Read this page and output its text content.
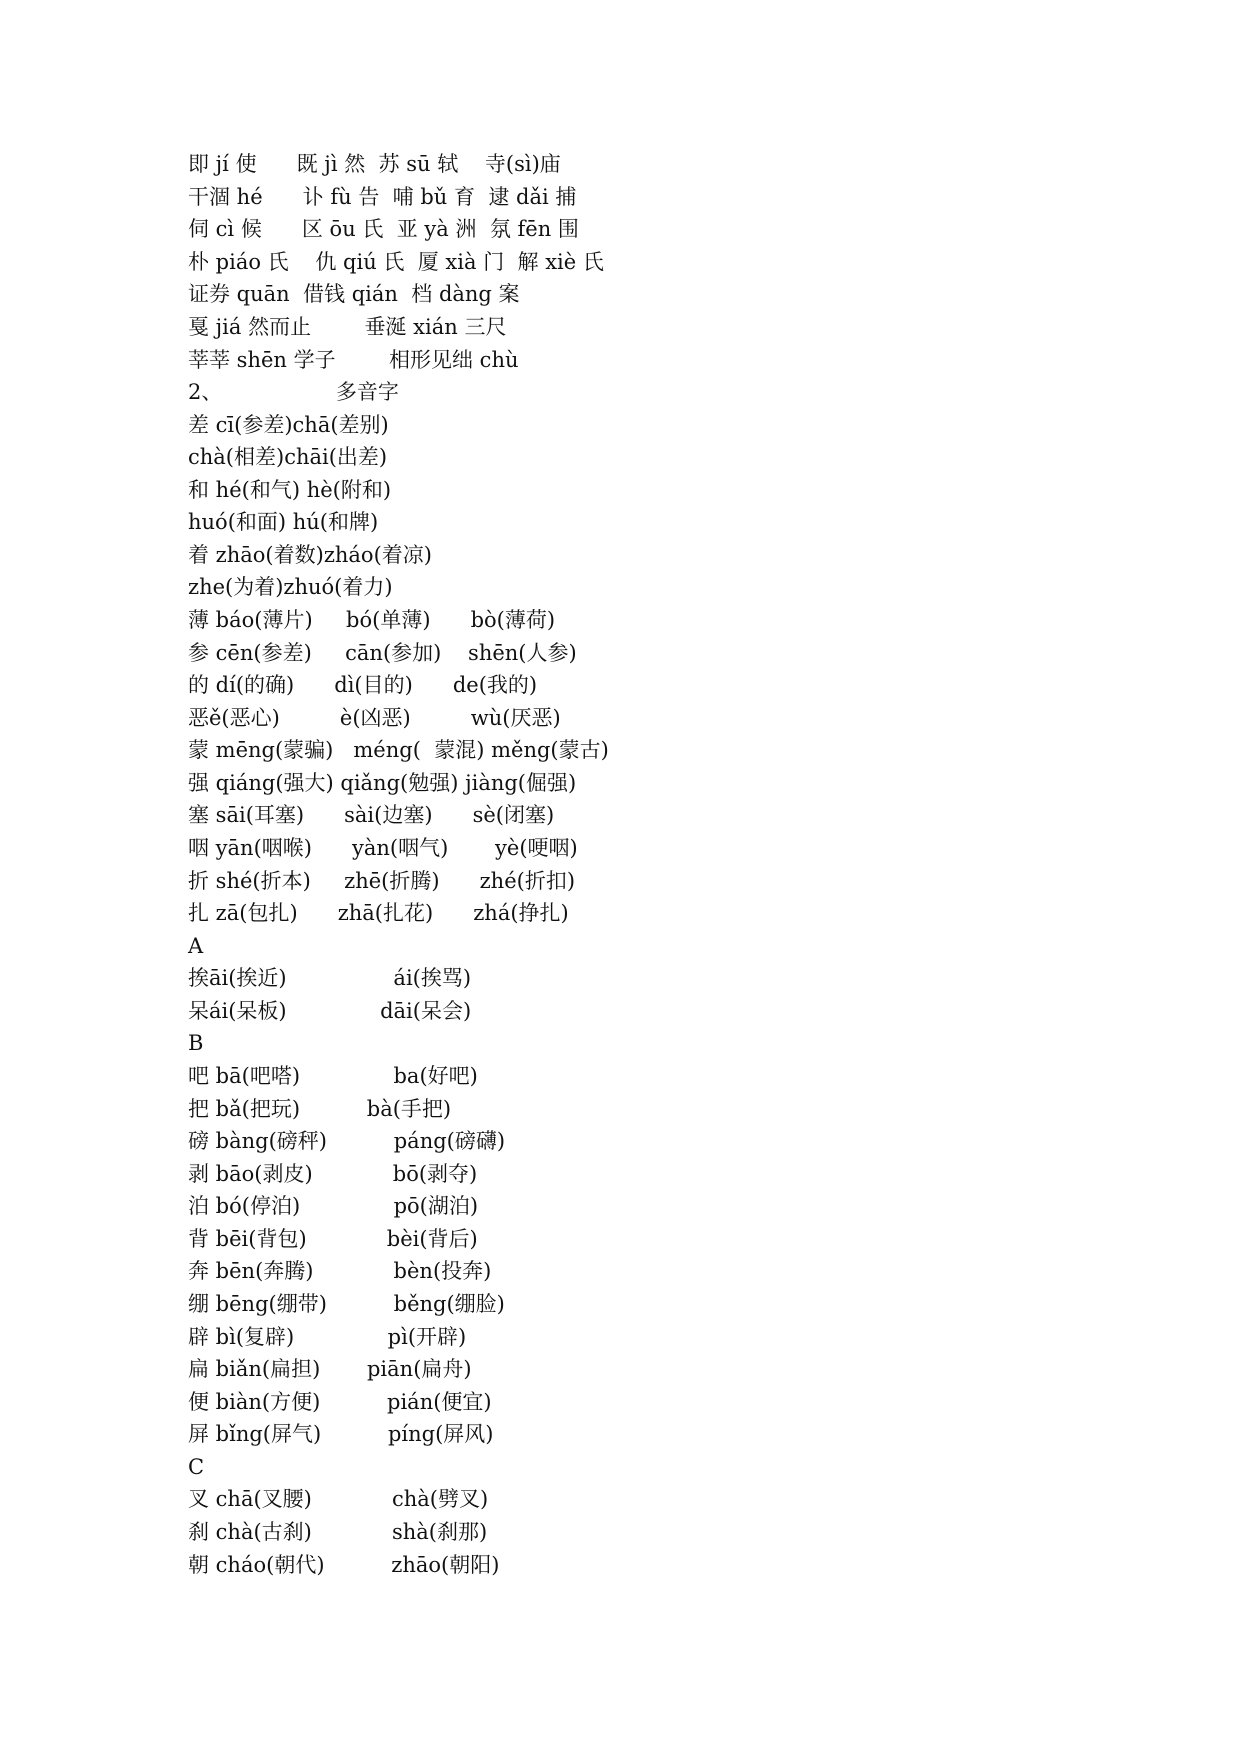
即 jí 使      既 jì 然  苏 sū 轼    寺(sì)庙
干涸 hé      讣 fù 告  哺 bǔ 育  逮 dǎi 捕
伺 cì 候      区 ōu 氏  亚 yà 洲  氛 fēn 围
朴 piáo 氏    仇 qiú 氏  厦 xià 门  解 xiè 氏
证券 quān  借钱 qián  档 dàng 案
戛 jiá 然而止        垂涎 xián 三尺
莘莘 shēn 学子        相形见绌 chù
2、                 多音字
差 cī(参差)chā(差别)
chà(相差)chāi(出差)
和 hé(和气) hè(附和)
huó(和面) hú(和牌)
着 zhāo(着数)zháo(着凉)
zhe(为着)zhuó(着力)
薄 báo(薄片)     bó(单薄)      bò(薄荷)
参 cēn(参差)     cān(参加)    shēn(人参)
的 dí(的确)      dì(目的)      de(我的)
恶ě(恶心)         è(凶恶)         wù(厌恶)
蒙 mēng(蒙骗)   méng(  蒙混) měng(蒙古)
强 qiáng(强大) qiǎng(勉强) jiàng(倔强)
塞 sāi(耳塞)      sài(边塞)      sè(闭塞)
咽 yān(咽喉)      yàn(咽气)       yè(哽咽)
折 shé(折本)     zhē(折腾)      zhé(折扣)
扎 zā(包扎)      zhā(扎花)      zhá(挣扎)
A
挨āi(挨近)                ái(挨骂)
呆ái(呆板)              dāi(呆会)
B
吧 bā(吧嗒)              ba(好吧)
把 bǎ(把玩)          bà(手把)
磅 bàng(磅秤)          páng(磅礴)
剥 bāo(剥皮)            bō(剥夺)
泊 bó(停泊)              pō(湖泊)
背 bēi(背包)            bèi(背后)
奔 bēn(奔腾)            bèn(投奔)
绷 bēng(绷带)          běng(绷脸)
辟 bì(复辟)              pì(开辟)
扁 biǎn(扁担)       piān(扁舟)
便 biàn(方便)          pián(便宜)
屏 bǐng(屏气)          píng(屏风)
C
叉 chā(叉腰)            chà(劈叉)
刹 chà(古刹)            shà(刹那)
朝 cháo(朝代)          zhāo(朝阳)
